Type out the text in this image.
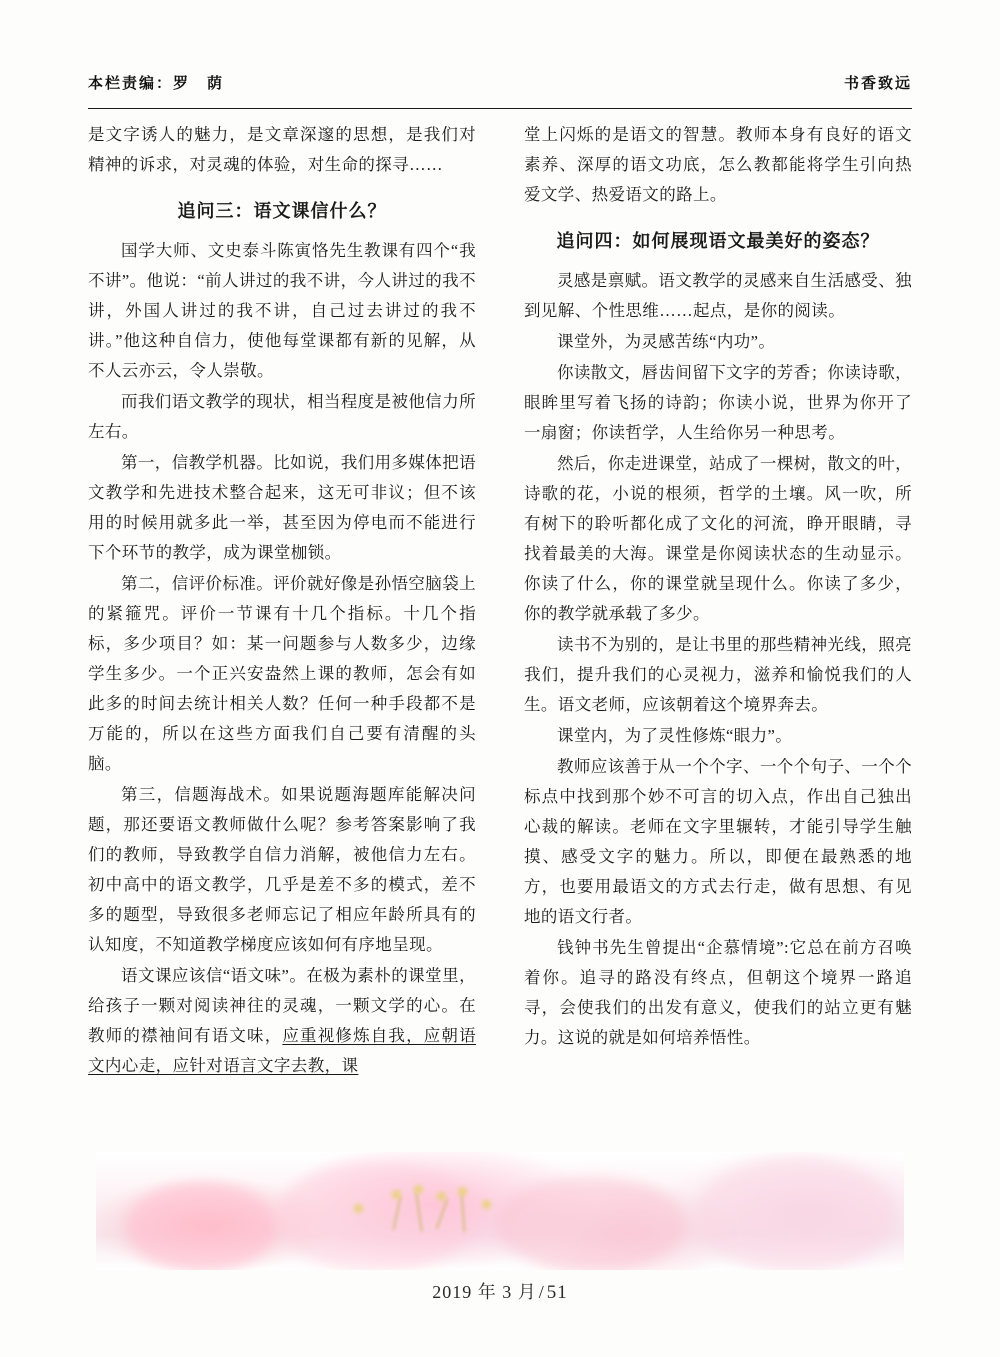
本栏责编：罗　荫	书香致远

是文字诱人的魅力，是文章深邃的思想，是我们对精神的诉求，对灵魂的体验，对生命的探寻……

追问三：语文课信什么？

国学大师、文史泰斗陈寅恪先生教课有四个“我不讲”。他说：“前人讲过的我不讲，今人讲过的我不讲，外国人讲过的我不讲，自己过去讲过的我不讲。”他这种自信力，使他每堂课都有新的见解，从不人云亦云，令人崇敬。

而我们语文教学的现状，相当程度是被他信力所左右。

第一，信教学机器。比如说，我们用多媒体把语文教学和先进技术整合起来，这无可非议；但不该用的时候用就多此一举，甚至因为停电而不能进行下个环节的教学，成为课堂枷锁。

第二，信评价标准。评价就好像是孙悟空脑袋上的紧箍咒。评价一节课有十几个指标。十几个指标，多少项目？如：某一问题参与人数多少，边缘学生多少。一个正兴安盎然上课的教师，怎会有如此多的时间去统计相关人数？任何一种手段都不是万能的，所以在这些方面我们自己要有清醒的头脑。

第三，信题海战术。如果说题海题库能解决问题，那还要语文教师做什么呢？参考答案影响了我们的教师，导致教学自信力消解，被他信力左右。初中高中的语文教学，几乎是差不多的模式，差不多的题型，导致很多老师忘记了相应年龄所具有的认知度，不知道教学梯度应该如何有序地呈现。

语文课应该信“语文味”。在极为素朴的课堂里，给孩子一颗对阅读神往的灵魂，一颗文学的心。在教师的襟袖间有语文味，应重视修炼自我，应朝语文内心走，应针对语言文字去教，课

堂上闪烁的是语文的智慧。教师本身有良好的语文素养、深厚的语文功底，怎么教都能将学生引向热爱文学、热爱语文的路上。

追问四：如何展现语文最美好的姿态？

灵感是禀赋。语文教学的灵感来自生活感受、独到见解、个性思维……起点，是你的阅读。

课堂外，为灵感苦练“内功”。

你读散文，唇齿间留下文字的芳香；你读诗歌，眼眸里写着飞扬的诗韵；你读小说，世界为你开了一扇窗；你读哲学，人生给你另一种思考。

然后，你走进课堂，站成了一棵树，散文的叶，诗歌的花，小说的根须，哲学的土壤。风一吹，所有树下的聆听都化成了文化的河流，睁开眼睛，寻找着最美的大海。课堂是你阅读状态的生动显示。你读了什么，你的课堂就呈现什么。你读了多少，你的教学就承载了多少。

读书不为别的，是让书里的那些精神光线，照亮我们，提升我们的心灵视力，滋养和愉悦我们的人生。语文老师，应该朝着这个境界奔去。

课堂内，为了灵性修炼“眼力”。

教师应该善于从一个个字、一个个句子、一个个标点中找到那个妙不可言的切入点，作出自己独出心裁的解读。老师在文字里辗转，才能引导学生触摸、感受文字的魅力。所以，即便在最熟悉的地方，也要用最语文的方式去行走，做有思想、有见地的语文行者。

钱钟书先生曾提出“企慕情境”:它总在前方召唤着你。追寻的路没有终点，但朝这个境界一路追寻，会使我们的出发有意义，使我们的站立更有魅力。这说的就是如何培养悟性。

2019 年 3 月 / 51
